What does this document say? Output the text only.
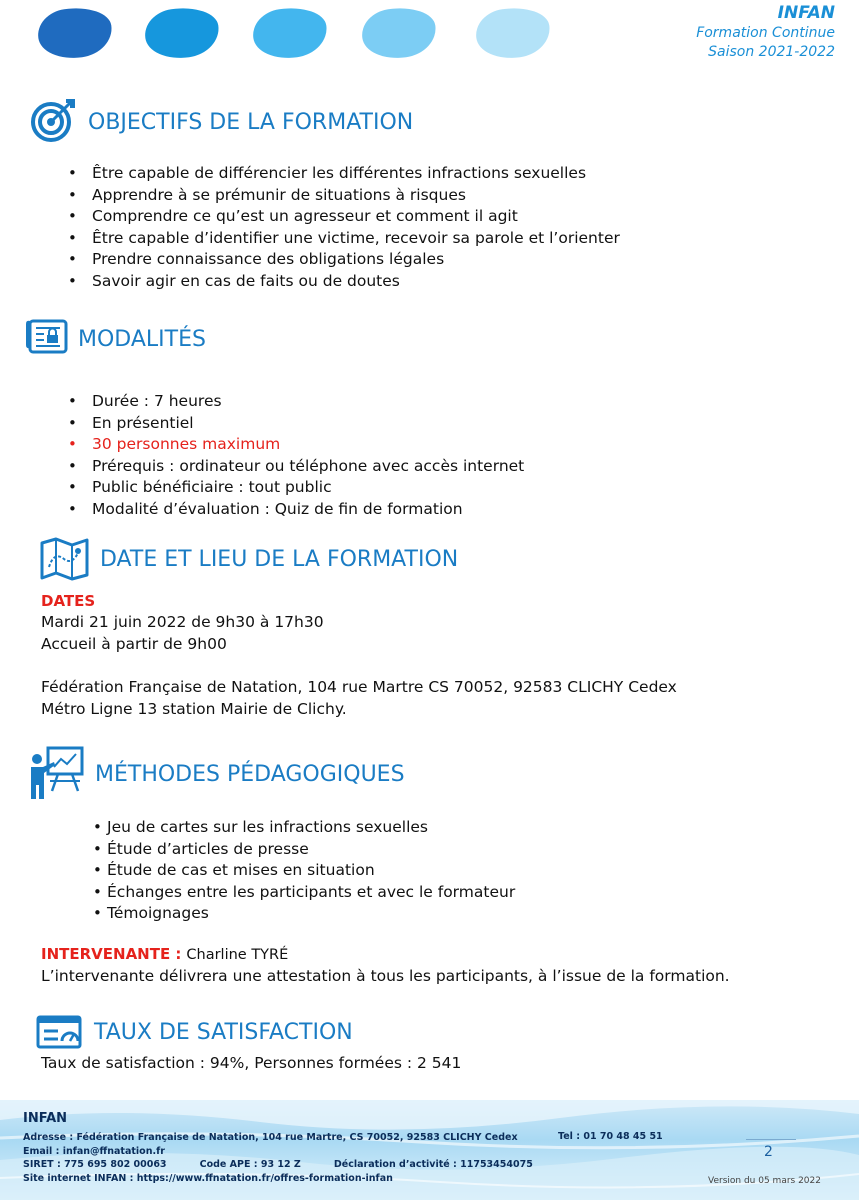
INFAN
Formation Continue
Saison 2021-2022
OBJECTIFS DE LA FORMATION
• Être capable de différencier les différentes infractions sexuelles
• Apprendre à se prémunir de situations à risques
• Comprendre ce qu’est un agresseur et comment il agit
• Être capable d’identifier une victime, recevoir sa parole et l’orienter
• Prendre connaissance des obligations légales
• Savoir agir en cas de faits ou de doutes
MODALITÉS
• Durée : 7 heures
• En présentiel
• 30 personnes maximum
• Prérequis : ordinateur ou téléphone avec accès internet
• Public bénéficiaire : tout public
• Modalité d’évaluation : Quiz de fin de formation
DATE ET LIEU DE LA FORMATION
DATES
Mardi 21 juin 2022 de 9h30 à 17h30
Accueil à partir de 9h00
Fédération Française de Natation, 104 rue Martre CS 70052, 92583 CLICHY Cedex
Métro Ligne 13 station Mairie de Clichy.
MÉTHODES PÉDAGOGIQUES
• Jeu de cartes sur les infractions sexuelles
• Étude d’articles de presse
• Étude de cas et mises en situation
• Échanges entre les participants et avec le formateur
• Témoignages
INTERVENANTE : Charline TYRÉ
L’intervenante délivrera une attestation à tous les participants, à l’issue de la formation.
TAUX DE SATISFACTION
Taux de satisfaction : 94%, Personnes formées : 2 541
INFAN
Adresse : Fédération Française de Natation, 104 rue Martre, CS 70052, 92583 CLICHY Cedex	Tel : 01 70 48 45 51
Email : infan@ffnatation.fr
SIRET : 775 695 802 00063          Code APE : 93 12 Z          Déclaration d’activité : 11753454075
Site internet INFAN : https://www.ffnatation.fr/offres-formation-infan
2
Version du 05 mars 2022
